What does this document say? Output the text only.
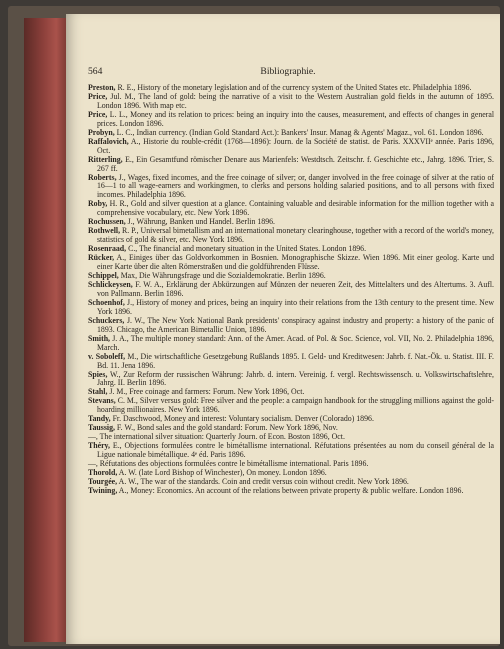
564	Bibliographie.

Preston, R. E., History of the monetary legislation and of the currency system of the United States etc. Philadelphia 1896.

Price, Jul. M., The land of gold: being the narrative of a visit to the Western Australian gold fields in the autumn of 1895. London 1896. With map etc.

Price, L. L., Money and its relation to prices: being an inquiry into the causes, measurement, and effects of changes in general prices. London 1896.

Probyn, L. C., Indian currency. (Indian Gold Standard Act.): Bankers' Insur. Manag & Agents' Magaz., vol. 61. London 1896.

Raffalovich, A., Historie du rouble-crédit (1768—1896): Journ. de la Société de statist. de Paris. XXXVIIᵉ année. Paris 1896, Oct.

Ritterling, E., Ein Gesamtfund römischer Denare aus Marienfels: Westdtsch. Zeitschr. f. Geschichte etc., Jahrg. 1896. Trier, S. 267 ff.

Roberts, J., Wages, fixed incomes, and the free coinage of silver; or, danger involved in the free coinage of silver at the ratio of 16—1 to all wage-earners and workingmen, to clerks and persons holding salaried positions, and to all persons with fixed incomes. Philadelphia 1896.

Roby, H. R., Gold and silver question at a glance. Containing valuable and desirable information for the million together with a comprehensive vocabulary, etc. New York 1896.

Rochussen, J., Währung, Banken und Handel. Berlin 1896.

Rothwell, R. P., Universal bimetallism and an international monetary clearinghouse, together with a record of the world's money, statistics of gold & silver, etc. New York 1896.

Rosenraad, C., The financial and monetary situation in the United States. London 1896.

Rücker, A., Einiges über das Goldvorkommen in Bosnien. Monographische Skizze. Wien 1896. Mit einer geolog. Karte und einer Karte über die alten Römerstraßen und die goldführenden Flüsse.

Schippel, Max, Die Währungsfrage und die Sozialdemokratie. Berlin 1896.

Schlickeysen, F. W. A., Erklärung der Abkürzungen auf Münzen der neueren Zeit, des Mittelalters und des Altertums. 3. Aufl. von Pallmann. Berlin 1896.

Schoenhof, J., History of money and prices, being an inquiry into their relations from the 13th century to the present time. New York 1896.

Schuckers, J. W., The New York National Bank presidents' conspiracy against industry and property: a history of the panic of 1893. Chicago, the American Bimetallic Union, 1896.

Smith, J. A., The multiple money standard: Ann. of the Amer. Acad. of Pol. & Soc. Science, vol. VII, No. 2. Philadelphia 1896, March.

v. Soboleff, M., Die wirtschaftliche Gesetzgebung Rußlands 1895. I. Geld- und Kreditwesen: Jahrb. f. Nat.-Ök. u. Statist. III. F. Bd. 11. Jena 1896.

Spies, W., Zur Reform der russischen Währung: Jahrb. d. intern. Vereinig. f. vergl. Rechtswissensch. u. Volkswirtschaftslehre, Jahrg. II. Berlin 1896.

Stahl, J. M., Free coinage and farmers: Forum. New York 1896, Oct.

Stevans, C. M., Silver versus gold: Free silver and the people: a campaign handbook for the struggling millions against the gold-hoarding millionaires. New York 1896.

Tandy, Fr. Daschwood, Money and interest: Voluntary socialism. Denver (Colorado) 1896.

Taussig, F. W., Bond sales and the gold standard: Forum. New York 1896, Nov.

—, The international silver situation: Quarterly Journ. of Econ. Boston 1896, Oct.

Théry, E., Objections formulées contre le bimétallisme international. Réfutations présentées au nom du conseil général de la Ligue nationale bimétallique. 4ᵉ éd. Paris 1896.

—, Réfutations des objections formulées contre le bimétallisme international. Paris 1896.

Thorold, A. W. (late Lord Bishop of Winchester), On money. London 1896.

Tourgée, A. W., The war of the standards. Coin and credit versus coin without credit. New York 1896.

Twining, A., Money: Economics. An account of the relations between private property & public welfare. London 1896.
